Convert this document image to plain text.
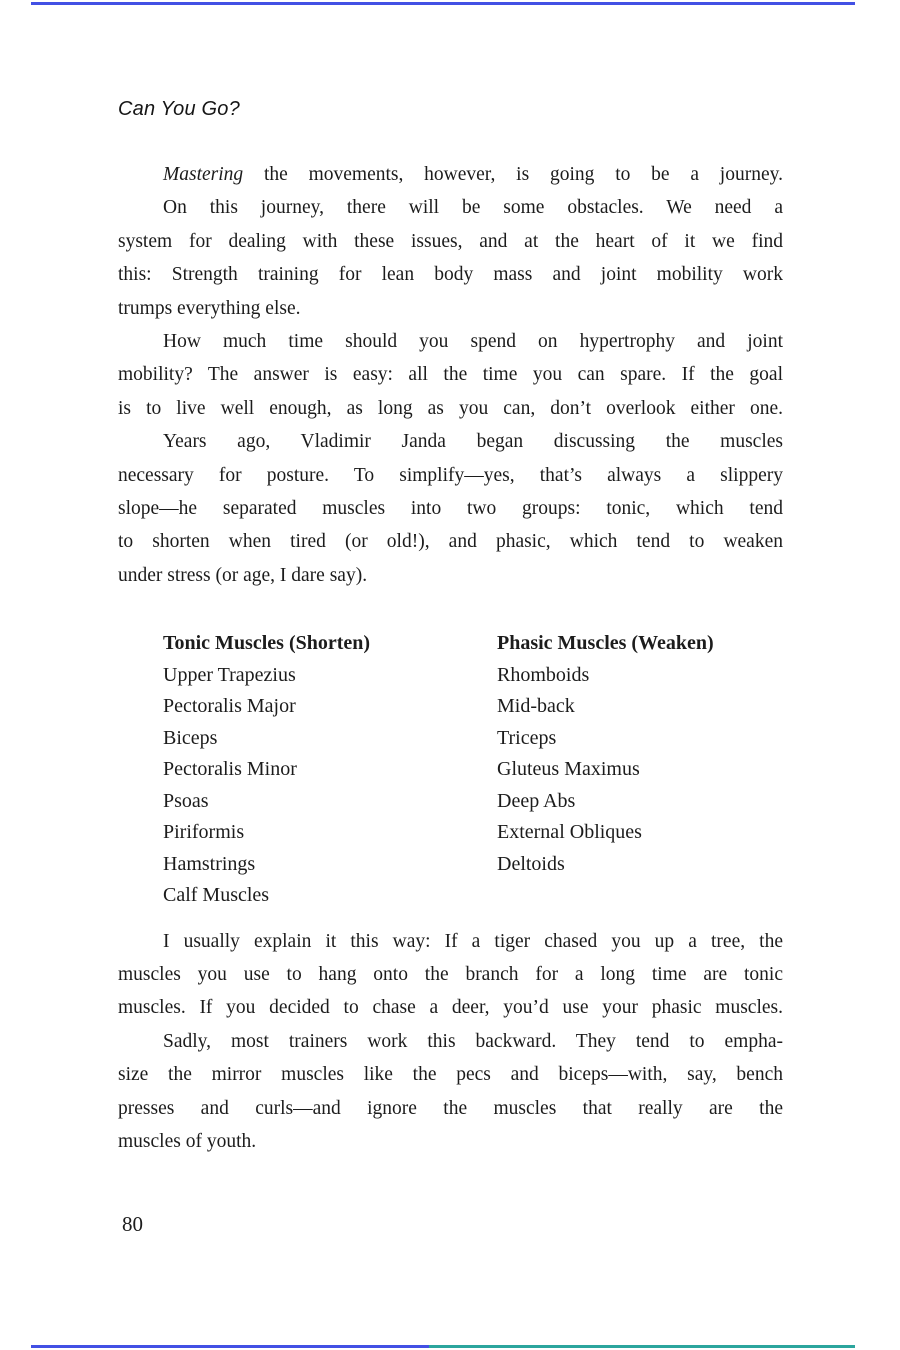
Can You Go?
Mastering the movements, however, is going to be a journey.
On this journey, there will be some obstacles. We need a
system for dealing with these issues, and at the heart of it we find
this: Strength training for lean body mass and joint mobility work
trumps everything else.
How much time should you spend on hypertrophy and joint
mobility? The answer is easy: all the time you can spare. If the goal
is to live well enough, as long as you can, don’t overlook either one.
Years ago, Vladimir Janda began discussing the muscles
necessary for posture. To simplify—yes, that’s always a slippery
slope—he separated muscles into two groups: tonic, which tend
to shorten when tired (or old!), and phasic, which tend to weaken
under stress (or age, I dare say).
Tonic Muscles (Shorten)
Upper Trapezius
Pectoralis Major
Biceps
Pectoralis Minor
Psoas
Piriformis
Hamstrings
Calf Muscles
Phasic Muscles (Weaken)
Rhomboids
Mid-back
Triceps
Gluteus Maximus
Deep Abs
External Obliques
Deltoids
I usually explain it this way: If a tiger chased you up a tree, the
muscles you use to hang onto the branch for a long time are tonic
muscles. If you decided to chase a deer, you’d use your phasic muscles.
Sadly, most trainers work this backward. They tend to empha-
size the mirror muscles like the pecs and biceps—with, say, bench
presses and curls—and ignore the muscles that really are the
muscles of youth.
80
